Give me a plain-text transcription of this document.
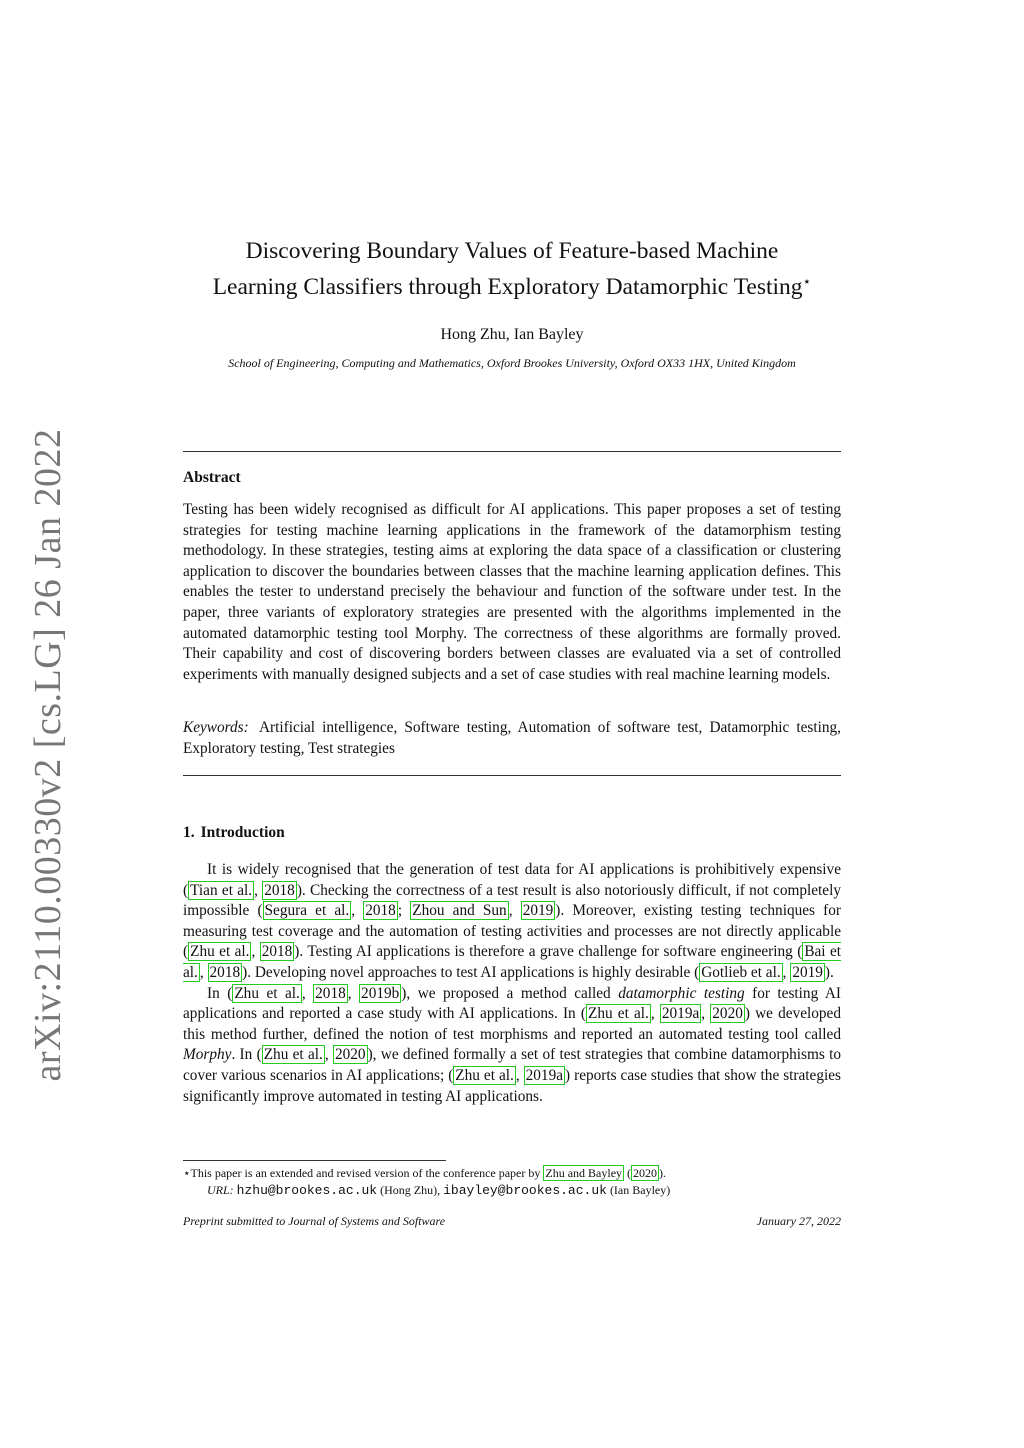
arXiv:2110.00330v2 [cs.LG] 26 Jan 2022
Discovering Boundary Values of Feature-based Machine
Learning Classifiers through Exploratory Datamorphic Testing⋆
Hong Zhu, Ian Bayley
School of Engineering, Computing and Mathematics, Oxford Brookes University, Oxford OX33 1HX, United Kingdom
Abstract
Testing has been widely recognised as difficult for AI applications. This paper proposes a set of testing strategies for testing machine learning applications in the framework of the datamorphism testing methodology. In these strategies, testing aims at exploring the data space of a classification or clustering application to discover the boundaries between classes that the machine learning application defines. This enables the tester to understand precisely the behaviour and function of the software under test. In the paper, three variants of exploratory strategies are presented with the algorithms implemented in the automated datamorphic testing tool Morphy. The correctness of these algorithms are formally proved. Their capability and cost of discovering borders between classes are evaluated via a set of controlled experiments with manually designed subjects and a set of case studies with real machine learning models.
Keywords: Artificial intelligence, Software testing, Automation of software test, Datamorphic testing, Exploratory testing, Test strategies
1. Introduction

It is widely recognised that the generation of test data for AI applications is prohibitively expensive ( Tian et al. , 2018 ). Checking the correctness of a test result is also notoriously difficult, if not completely impossible ( Segura et al. , 2018 ; Zhou and Sun , 2019 ). Moreover, existing testing techniques for measuring test coverage and the automation of testing activities and processes are not directly applicable ( Zhu et al. , 2018 ). Testing AI applications is therefore a grave challenge for software engineering ( Bai et al. , 2018 ). Developing novel approaches to test AI applications is highly desirable ( Gotlieb et al. , 2019 ).

In ( Zhu et al. , 2018 , 2019b ), we proposed a method called datamorphic testing for testing AI applications and reported a case study with AI applications. In ( Zhu et al. , 2019a , 2020 ) we developed this method further, defined the notion of test morphisms and reported an automated testing tool called Morphy. In ( Zhu et al. , 2020 ), we defined formally a set of test strategies that combine datamorphisms to cover various scenarios in AI applications; ( Zhu et al. , 2019a ) reports case studies that show the strategies significantly improve automated in testing AI applications.

⋆This paper is an extended and revised version of the conference paper by Zhu and Bayley ( 2020 ).
URL: hzhu@brookes.ac.uk (Hong Zhu), ibayley@brookes.ac.uk (Ian Bayley)
Preprint submitted to Journal of Systems and Software	January 27, 2022
